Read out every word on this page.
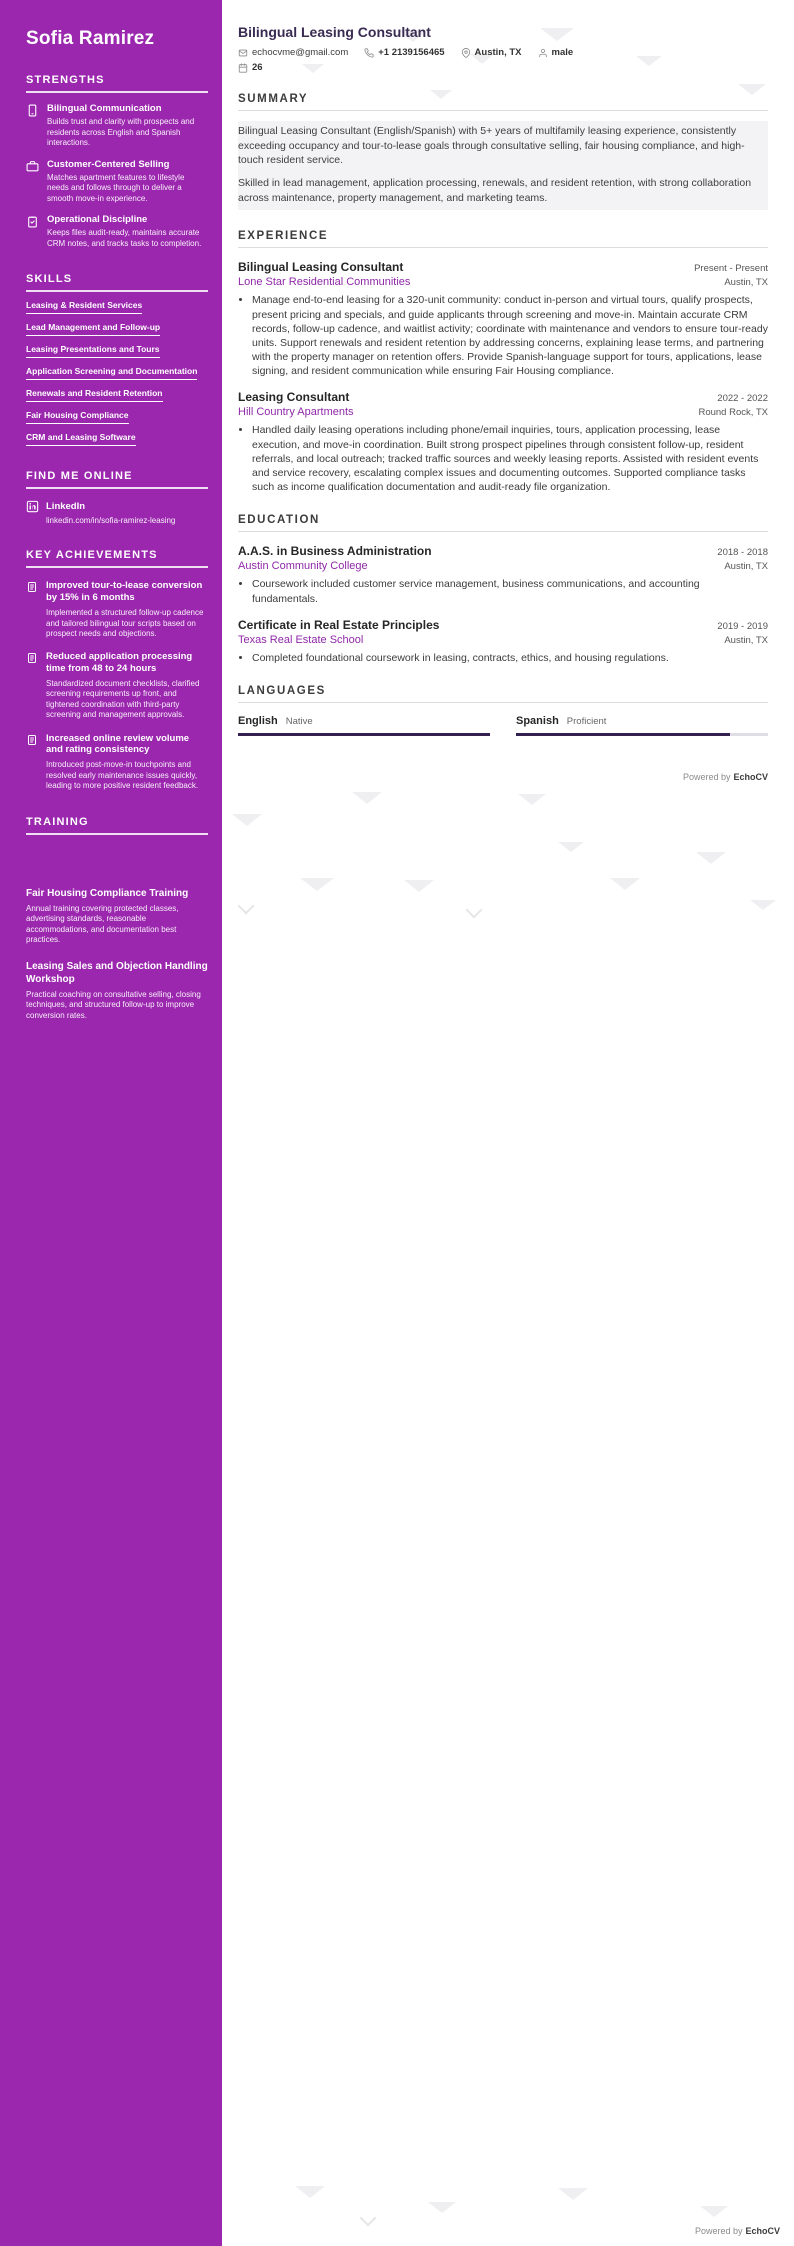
Sofia Ramirez
STRENGTHS
Bilingual Communication
Builds trust and clarity with prospects and residents across English and Spanish interactions.
Customer-Centered Selling
Matches apartment features to lifestyle needs and follows through to deliver a smooth move-in experience.
Operational Discipline
Keeps files audit-ready, maintains accurate CRM notes, and tracks tasks to completion.
SKILLS
Leasing & Resident Services
Lead Management and Follow-up
Leasing Presentations and Tours
Application Screening and Documentation
Renewals and Resident Retention
Fair Housing Compliance
CRM and Leasing Software
FIND ME ONLINE
LinkedIn
linkedin.com/in/sofia-ramirez-leasing
KEY ACHIEVEMENTS
Improved tour-to-lease conversion by 15% in 6 months
Implemented a structured follow-up cadence and tailored bilingual tour scripts based on prospect needs and objections.
Reduced application processing time from 48 to 24 hours
Standardized document checklists, clarified screening requirements up front, and tightened coordination with third-party screening and management approvals.
Increased online review volume and rating consistency
Introduced post-move-in touchpoints and resolved early maintenance issues quickly, leading to more positive resident feedback.
TRAINING
Fair Housing Compliance Training
Annual training covering protected classes, advertising standards, reasonable accommodations, and documentation best practices.
Leasing Sales and Objection Handling Workshop
Practical coaching on consultative selling, closing techniques, and structured follow-up to improve conversion rates.
Bilingual Leasing Consultant
echocvme@gmail.com	+1 2139156465	Austin, TX	male
26
SUMMARY

Bilingual Leasing Consultant (English/Spanish) with 5+ years of multifamily leasing experience, consistently exceeding occupancy and tour-to-lease goals through consultative selling, fair housing compliance, and high-touch resident service.

Skilled in lead management, application processing, renewals, and resident retention, with strong collaboration across maintenance, property management, and marketing teams.

EXPERIENCE
Bilingual Leasing Consultant	Present - Present
Lone Star Residential Communities	Austin, TX
• Manage end-to-end leasing for a 320-unit community: conduct in-person and virtual tours, qualify prospects, present pricing and specials, and guide applicants through screening and move-in. Maintain accurate CRM records, follow-up cadence, and waitlist activity; coordinate with maintenance and vendors to ensure tour-ready units. Support renewals and resident retention by addressing concerns, explaining lease terms, and partnering with the property manager on retention offers. Provide Spanish-language support for tours, applications, lease signing, and resident communication while ensuring Fair Housing compliance.
Leasing Consultant	2022 - 2022
Hill Country Apartments	Round Rock, TX
• Handled daily leasing operations including phone/email inquiries, tours, application processing, lease execution, and move-in coordination. Built strong prospect pipelines through consistent follow-up, resident referrals, and local outreach; tracked traffic sources and weekly leasing reports. Assisted with resident events and service recovery, escalating complex issues and documenting outcomes. Supported compliance tasks such as income qualification documentation and audit-ready file organization.
EDUCATION
A.A.S. in Business Administration	2018 - 2018
Austin Community College	Austin, TX
• Coursework included customer service management, business communications, and accounting fundamentals.
Certificate in Real Estate Principles	2019 - 2019
Texas Real Estate School	Austin, TX
• Completed foundational coursework in leasing, contracts, ethics, and housing regulations.
LANGUAGES
English Native	Spanish Proficient
Powered by EchoCV
Powered by EchoCV
